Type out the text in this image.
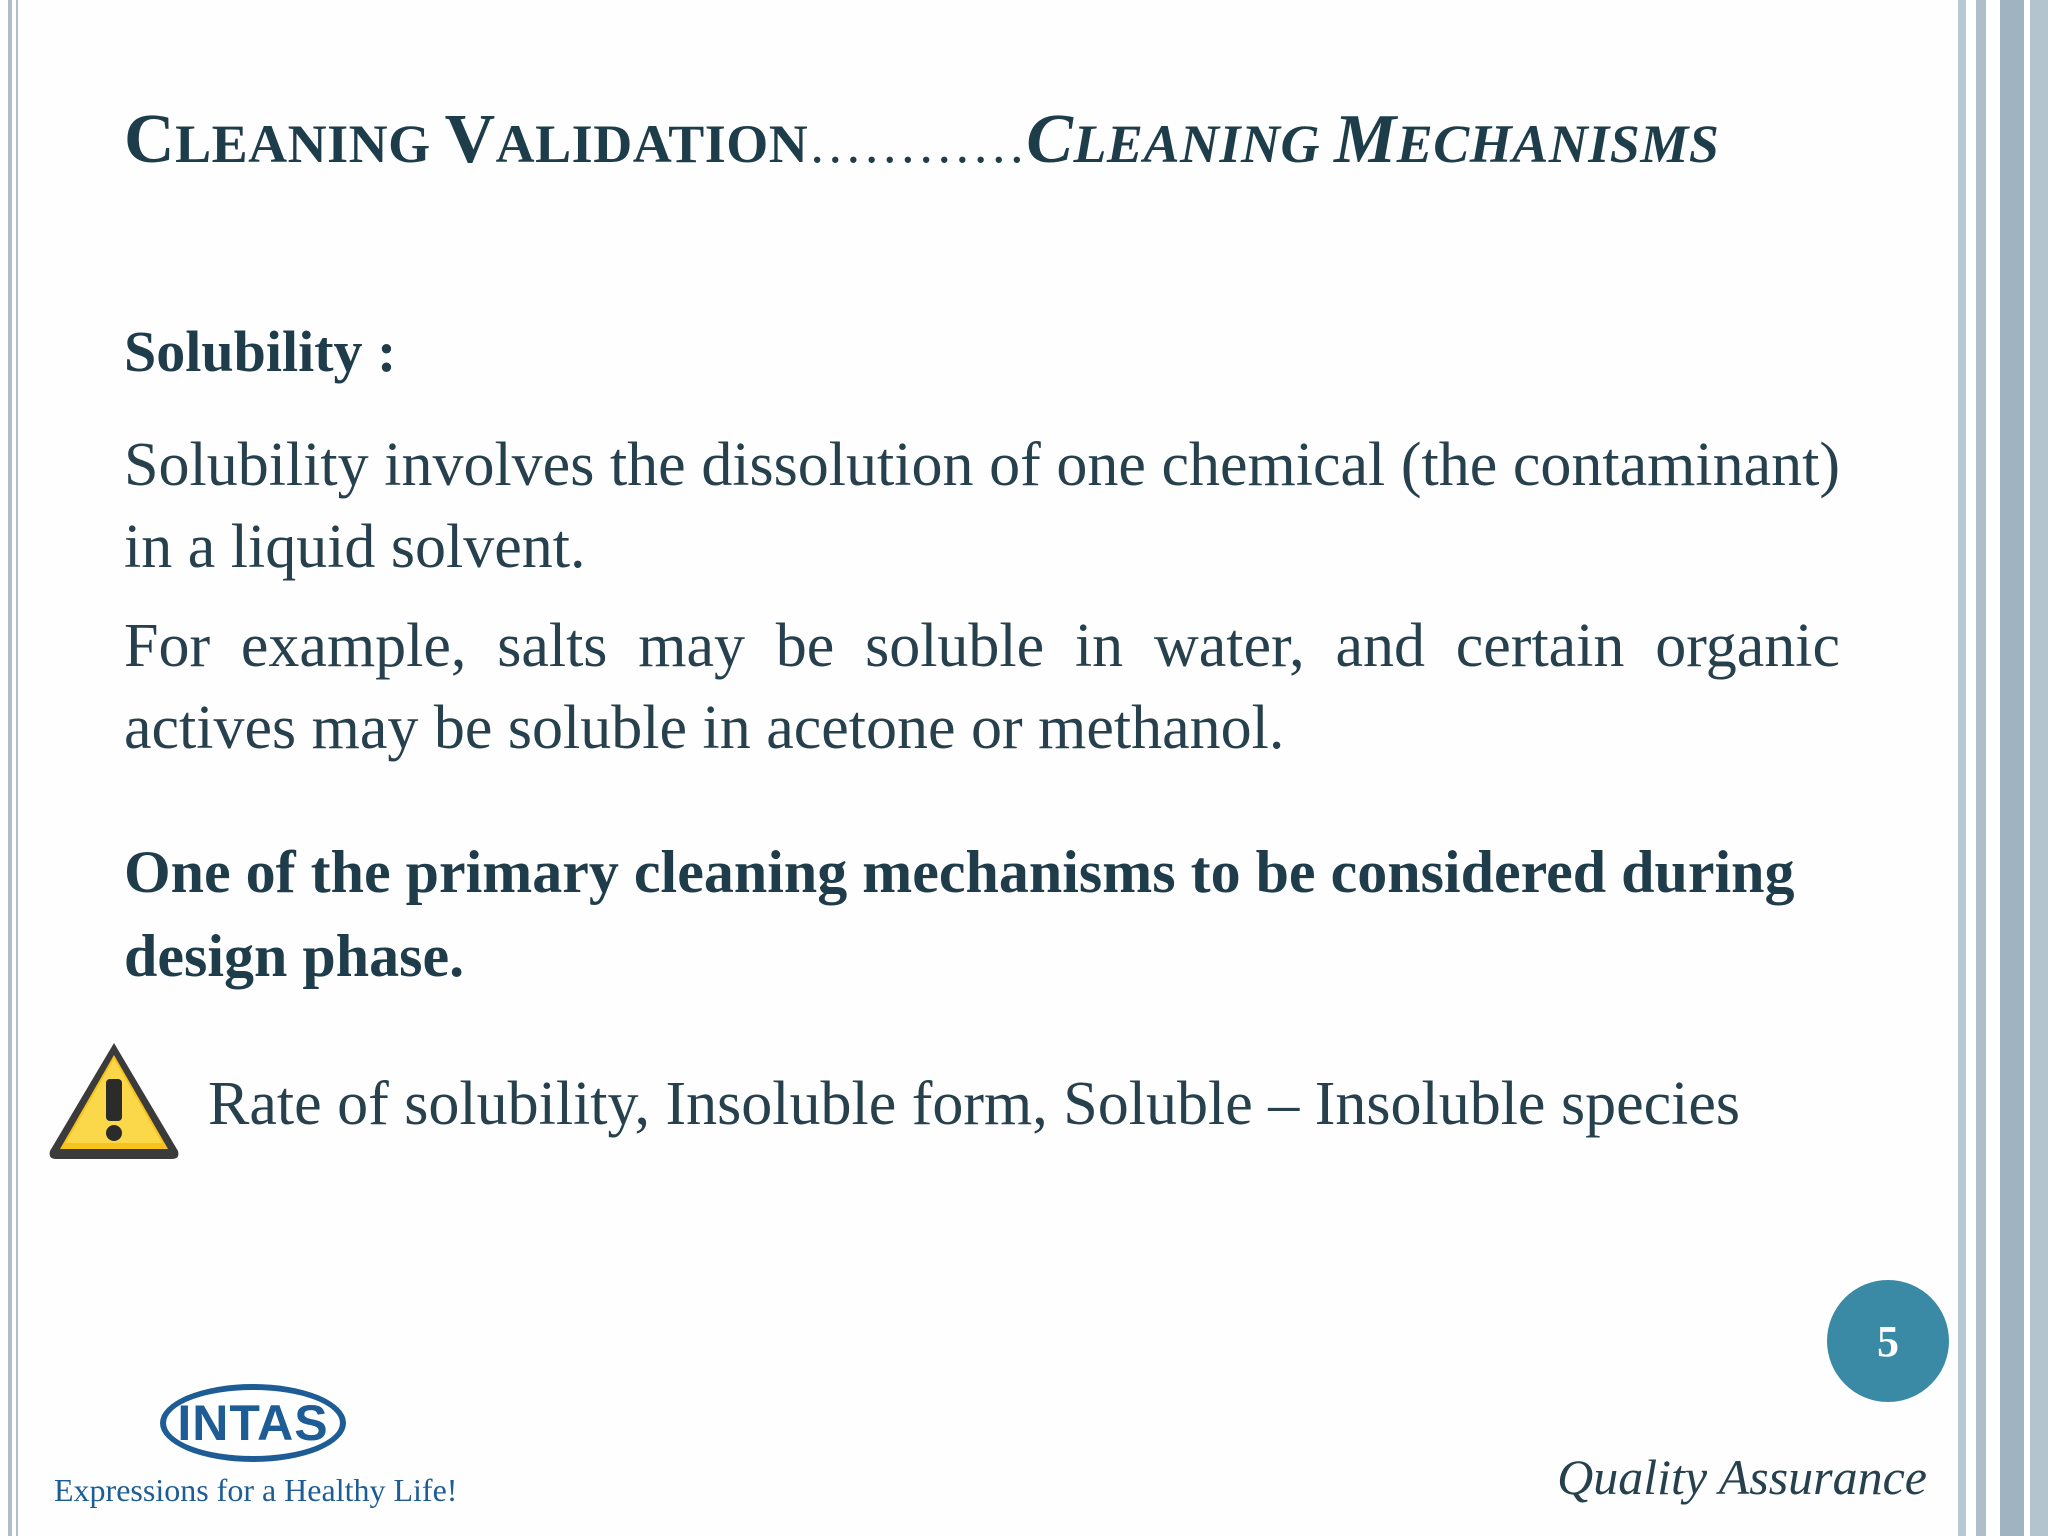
CLEANING VALIDATION…………CLEANING MECHANISMS
Solubility :
Solubility involves the dissolution of one chemical (the contaminant) in a liquid solvent.
For example, salts may be soluble in water, and certain organic actives may be soluble in acetone or methanol.
One of the primary cleaning mechanisms to be considered during design phase.
Rate of solubility, Insoluble form, Soluble – Insoluble species
5
INTAS
Expressions for a Healthy Life!	Quality Assurance
